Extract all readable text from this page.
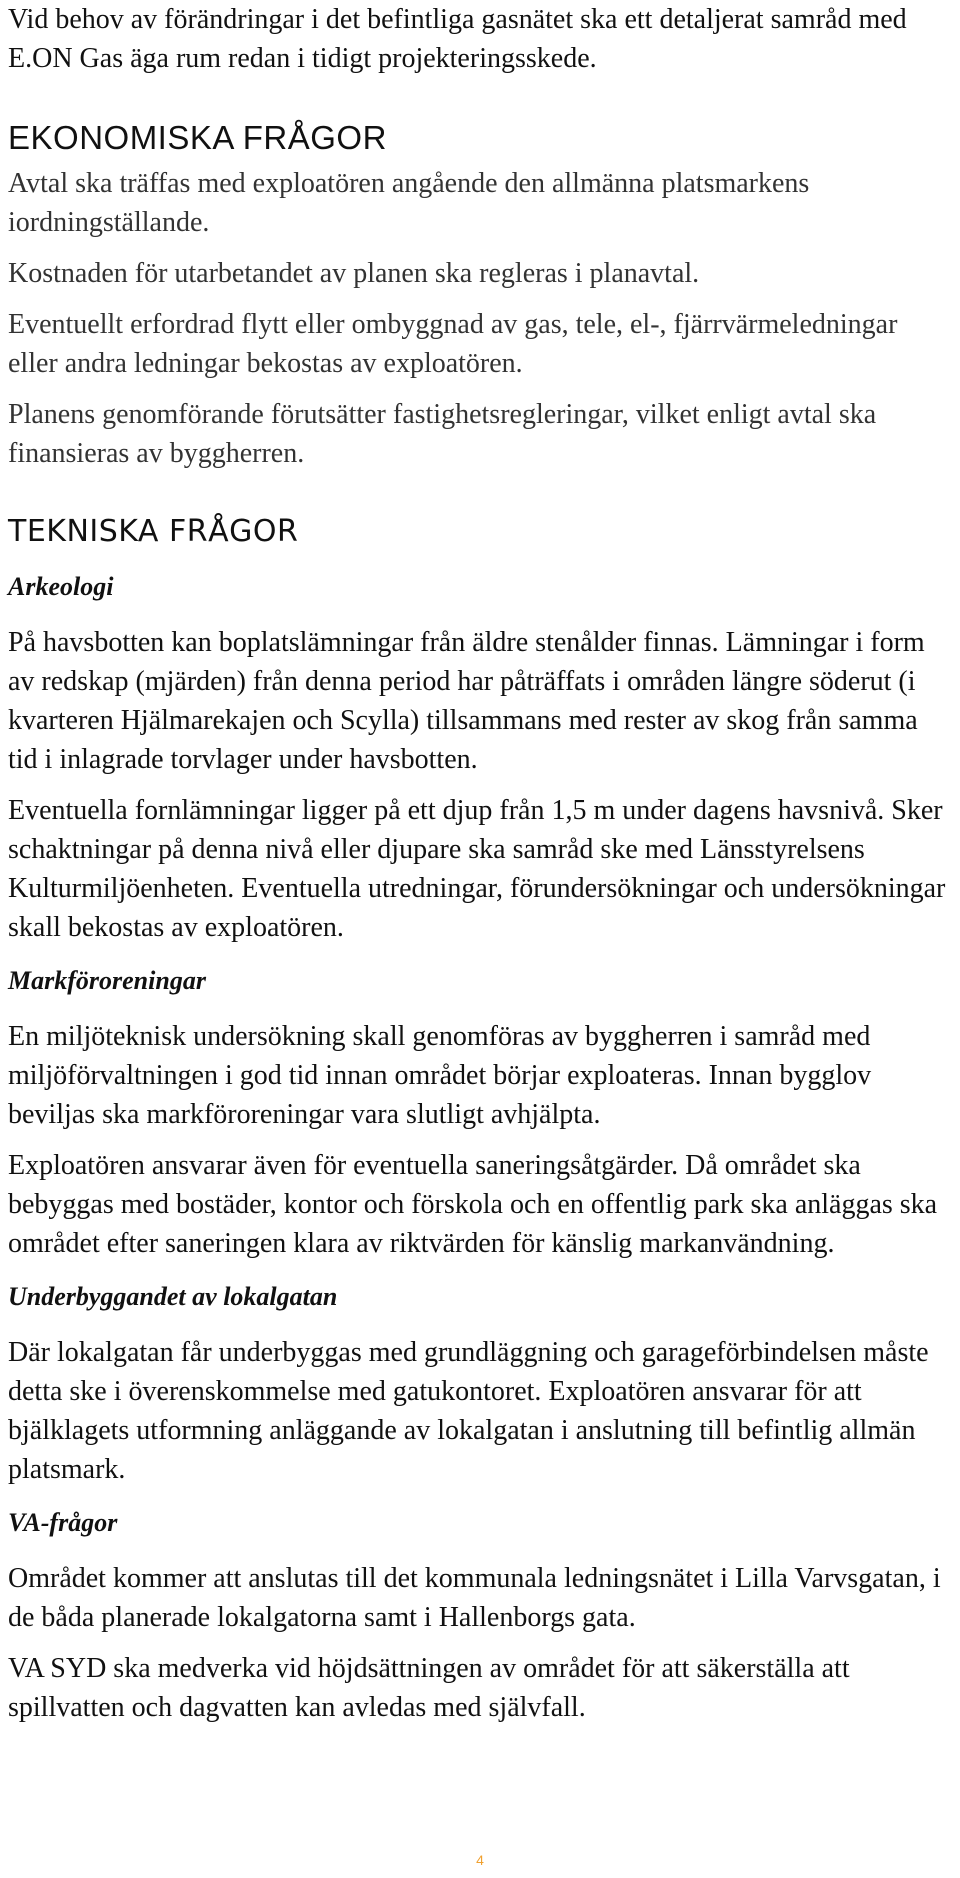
Vid behov av förändringar i det befintliga gasnätet ska ett detaljerat samråd med E.ON Gas äga rum redan i tidigt projekteringsskede.

EKONOMISKA FRÅGOR

Avtal ska träffas med exploatören angående den allmänna platsmarkens iordningställande.

Kostnaden för utarbetandet av planen ska regleras i planavtal.

Eventuellt erfordrad flytt eller ombyggnad av gas, tele, el-, fjärrvärmeledningar eller andra ledningar bekostas av exploatören.

Planens genomförande förutsätter fastighetsregleringar, vilket enligt avtal ska finansieras av byggherren.

TEKNISKA FRÅGOR
Arkeologi

På havsbotten kan boplatslämningar från äldre stenålder finnas. Lämningar i form av redskap (mjärden) från denna period har påträffats i områden längre söderut (i kvarteren Hjälmarekajen och Scylla) tillsammans med rester av skog från samma tid i inlagrade torvlager under havsbotten.

Eventuella fornlämningar ligger på ett djup från 1,5 m under dagens havsnivå. Sker schaktningar på denna nivå eller djupare ska samråd ske med Länsstyrelsens Kulturmiljöenheten. Eventuella utredningar, förundersökningar och undersökningar skall bekostas av exploatören.

Markföroreningar

En miljöteknisk undersökning skall genomföras av byggherren i samråd med miljöförvaltningen i god tid innan området börjar exploateras. Innan bygglov beviljas ska markföroreningar vara slutligt avhjälpta.

Exploatören ansvarar även för eventuella saneringsåtgärder. Då området ska bebyggas med bostäder, kontor och förskola och en offentlig park ska anläggas ska området efter saneringen klara av riktvärden för känslig markanvändning.

Underbyggandet av lokalgatan

Där lokalgatan får underbyggas med grundläggning och garageförbindelsen måste detta ske i överenskommelse med gatukontoret. Exploatören ansvarar för att bjälklagets utformning anläggande av lokalgatan i anslutning till befintlig allmän platsmark.

VA-frågor

Området kommer att anslutas till det kommunala ledningsnätet i Lilla Varvsgatan, i de båda planerade lokalgatorna samt i Hallenborgs gata.

VA SYD ska medverka vid höjdsättningen av området för att säkerställa att spillvatten och dagvatten kan avledas med självfall.

4
